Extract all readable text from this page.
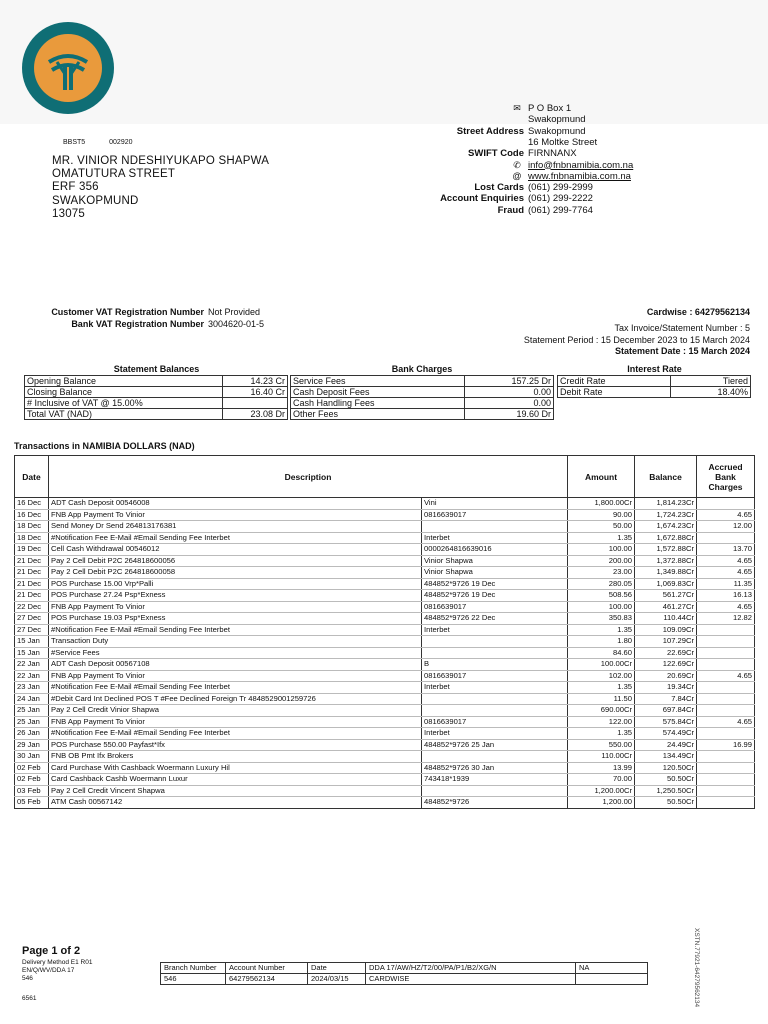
BBST5	002920
✉ P O Box 1
Swakopmund
Street Address Swakopmund
16 Moltke Street
SWIFT Code FIRNNANX
✆ info@fnbnamibia.com.na
@ www.fnbnamibia.com.na
Lost Cards (061) 299-2999
Account Enquiries (061) 299-2222
Fraud (061) 299-7764
MR. VINIOR NDESHIYUKAPO SHAPWA
OMATUTURA STREET
ERF 356
SWAKOPMUND
13075
Customer VAT Registration Number Not Provided
Bank VAT Registration Number 3004620-01-5
Cardwise : 64279562134
Tax Invoice/Statement Number : 5
Statement Period : 15 December 2023 to 15 March 2024
Statement Date : 15 March 2024
Statement Balances	Bank Charges	Interest Rate
Opening Balance	14.23 Cr
Closing Balance	16.40 Cr
# Inclusive of VAT @ 15.00%	
Total VAT (NAD)	23.08 Dr
Service Fees	157.25 Dr
Cash Deposit Fees	0.00
Cash Handling Fees	0.00
Other Fees	19.60 Dr
Credit Rate	Tiered
Debit Rate	18.40%
Transactions in NAMIBIA DOLLARS (NAD)
Date	Description		Amount	Balance	Accrued Bank Charges
16 Dec	ADT Cash Deposit 00546008	Vini	1,800.00Cr	1,814.23Cr	
16 Dec	FNB App Payment To Vinior	0816639017	90.00	1,724.23Cr	4.65
18 Dec	Send Money Dr Send 264813176381		50.00	1,674.23Cr	12.00
18 Dec	#Notification Fee E-Mail #Email Sending Fee Interbet	Interbet	1.35	1,672.88Cr	
19 Dec	Cell Cash Withdrawal 00546012	0000264816639016	100.00	1,572.88Cr	13.70
21 Dec	Pay 2 Cell Debit P2C 264818600056	Vinior Shapwa	200.00	1,372.88Cr	4.65
21 Dec	Pay 2 Cell Debit P2C 264818600058	Vinior Shapwa	23.00	1,349.88Cr	4.65
21 Dec	POS Purchase 15.00 Vrp*Palli	484852*9726 19 Dec	280.05	1,069.83Cr	11.35
21 Dec	POS Purchase 27.24 Psp*Exness	484852*9726 19 Dec	508.56	561.27Cr	16.13
22 Dec	FNB App Payment To Vinior	0816639017	100.00	461.27Cr	4.65
27 Dec	POS Purchase 19.03 Psp*Exness	484852*9726 22 Dec	350.83	110.44Cr	12.82
27 Dec	#Notification Fee E-Mail #Email Sending Fee Interbet	Interbet	1.35	109.09Cr	
15 Jan	Transaction Duty		1.80	107.29Cr	
15 Jan	#Service Fees		84.60	22.69Cr	
22 Jan	ADT Cash Deposit 00567108	B	100.00Cr	122.69Cr	
22 Jan	FNB App Payment To Vinior	0816639017	102.00	20.69Cr	4.65
23 Jan	#Notification Fee E-Mail #Email Sending Fee Interbet	Interbet	1.35	19.34Cr	
24 Jan	#Debit Card Int Declined POS T #Fee Declined Foreign Tr 4848529001259726		11.50	7.84Cr	
25 Jan	Pay 2 Cell Credit Vinior Shapwa		690.00Cr	697.84Cr	
25 Jan	FNB App Payment To Vinior	0816639017	122.00	575.84Cr	4.65
26 Jan	#Notification Fee E-Mail #Email Sending Fee Interbet	Interbet	1.35	574.49Cr	
29 Jan	POS Purchase 550.00 Payfast*Ifx	484852*9726 25 Jan	550.00	24.49Cr	16.99
30 Jan	FNB OB Pmt Ifx Brokers		110.00Cr	134.49Cr	
02 Feb	Card Purchase With Cashback Woermann Luxury Hil	484852*9726 30 Jan	13.99	120.50Cr	
02 Feb	Card Cashback Cashb Woermann Luxur	743418*1939	70.00	50.50Cr	
03 Feb	Pay 2 Cell Credit Vincent Shapwa		1,200.00Cr	1,250.50Cr	
05 Feb	ATM Cash 00567142	484852*9726	1,200.00	50.50Cr	
XSTN.77921-64279562134
Page 1 of 2
Delivery Method E1 R01
EN/Q/WV/DDA 17
546
6561
Branch Number	Account Number	Date	DDA 17/AW/HZ/T2/00/PA/P1/B2/XG/N	NA
546	64279562134	2024/03/15	CARDWISE	
